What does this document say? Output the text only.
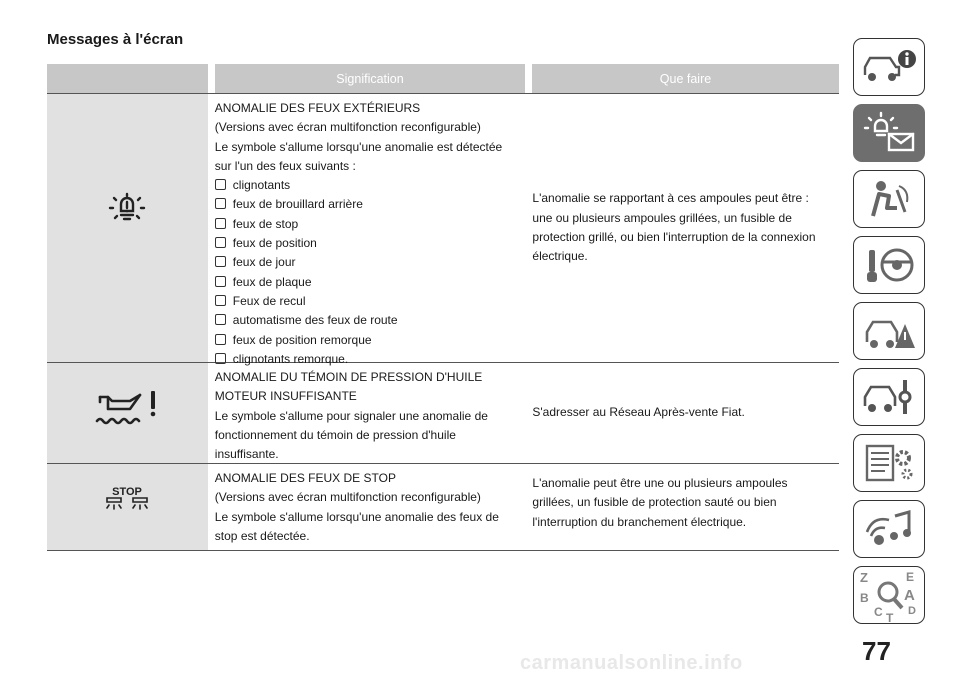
Messages à l'écran
Signification	Que faire
ANOMALIE DES FEUX EXTÉRIEURS
(Versions avec écran multifonction reconfigurable)
Le symbole s'allume lorsqu'une anomalie est détectée
sur l'un des feux suivants :
clignotants
feux de brouillard arrière
feux de stop
feux de position
feux de jour
feux de plaque
Feux de recul
automatisme des feux de route
feux de position remorque
clignotants remorque.
L'anomalie se rapportant à ces ampoules peut être :
une ou plusieurs ampoules grillées, un fusible de
protection grillé, ou bien l'interruption de la connexion
électrique.
ANOMALIE DU TÉMOIN DE PRESSION D'HUILE
MOTEUR INSUFFISANTE
Le symbole s'allume pour signaler une anomalie de
fonctionnement du témoin de pression d'huile
insuffisante.
S'adresser au Réseau Après-vente Fiat.
STOP
ANOMALIE DES FEUX DE STOP
(Versions avec écran multifonction reconfigurable)
Le symbole s'allume lorsqu'une anomalie des feux de
stop est détectée.
L'anomalie peut être une ou plusieurs ampoules
grillées, un fusible de protection sauté ou bien
l'interruption du branchement électrique.
Z	E
B A
C D
T
77
carmanualsonline.info
